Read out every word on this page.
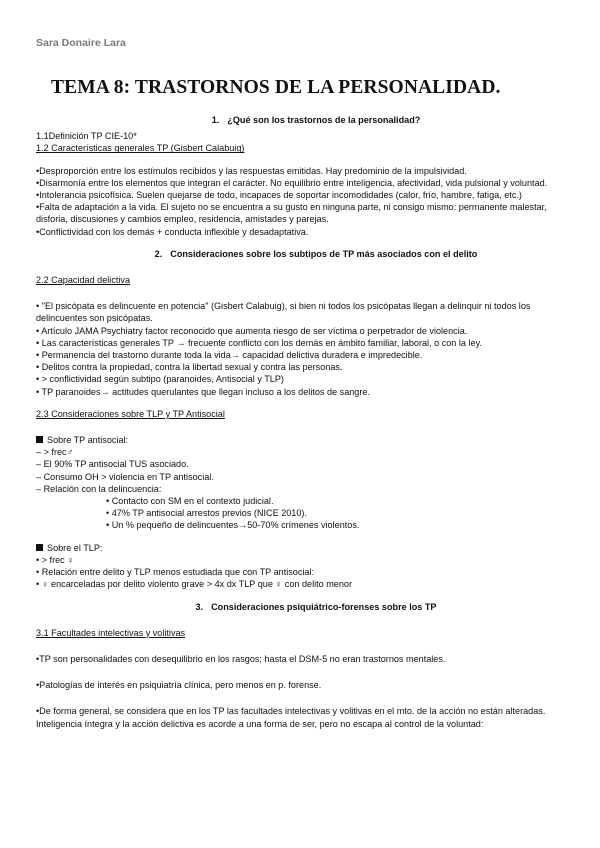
Sara Donaire Lara
TEMA 8: TRASTORNOS DE LA PERSONALIDAD.

1. ¿Qué son los trastornos de la personalidad?

1.1Definición TP CIE-10*

1.2 Características generales TP (Gisbert Calabuig)

•Desproporción entre los estímulos recibidos y las respuestas emitidas. Hay predominio de la impulsividad.

•Disarmonía entre los elementos que integran el carácter. No equilibrio entre inteligencia, afectividad, vida pulsional y voluntad.

•Intolerancia psicofísica. Suelen quejarse de todo, incapaces de soportar incomodidades (calor, frío, hambre, fatiga, etc.)

•Falta de adaptación a la vida. El sujeto no se encuentra a su gusto en ninguna parte, ni consigo mismo: permanente malestar, disforia, discusiones y cambios empleo, residencia, amistades y parejas.

•Conflictividad con los demás + conducta inflexible y desadaptativa.

2. Consideraciones sobre los subtipos de TP más asociados con el delito

2.2 Capacidad delictiva

• "El psicópata es delincuente en potencia" (Gisbert Calabuig), si bien ni todos los psicópatas llegan a delinquir ni todos los delincuentes son psicópatas.

• Artículo JAMA Psychiatry factor reconocido que aumenta riesgo de ser víctima o perpetrador de violencia.

• Las características generales TP → frecuente conflicto con los demás en ámbito familiar, laboral, o con la ley.

• Permanencia del trastorno durante toda la vida→ capacidad delictiva duradera e impredecible.

• Delitos contra la propiedad, contra la libertad sexual y contra las personas.

• > conflictividad según subtipo (paranoides, Antisocial y TLP)

• TP paranoides→ actitudes querulantes que llegan incluso a los delitos de sangre.

2.3 Consideraciones sobre TLP y TP Antisocial

Sobre TP antisocial:

– > frec♂

– El 90% TP antisocial TUS asociado.

– Consumo OH > violencia en TP antisocial.

– Relación con la delincuencia:

• Contacto con SM en el contexto judicial.

• 47% TP antisocial arrestos previos (NICE 2010).

• Un % pequeño de delincuentes→50-70% crímenes violentos.

Sobre el TLP:

• > frec ♀

• Relación entre delito y TLP menos estudiada que con TP antisocial:

• ♀ encarceladas por delito violento grave > 4x dx TLP que ♀ con delito menor

3. Consideraciones psiquiátrico-forenses sobre los TP

3.1 Facultades intelectivas y volitivas

•TP son personalidades con desequilibrio en los rasgos; hasta el DSM-5 no eran trastornos mentales.

•Patologías de interés en psiquiatría clínica, pero menos en p. forense.

•De forma general, se considera que en los TP las facultades intelectivas y volitivas en el mto. de la acción no están alteradas. Inteligencia íntegra y la acción delictiva es acorde a una forma de ser, pero no escapa al control de la voluntad:
